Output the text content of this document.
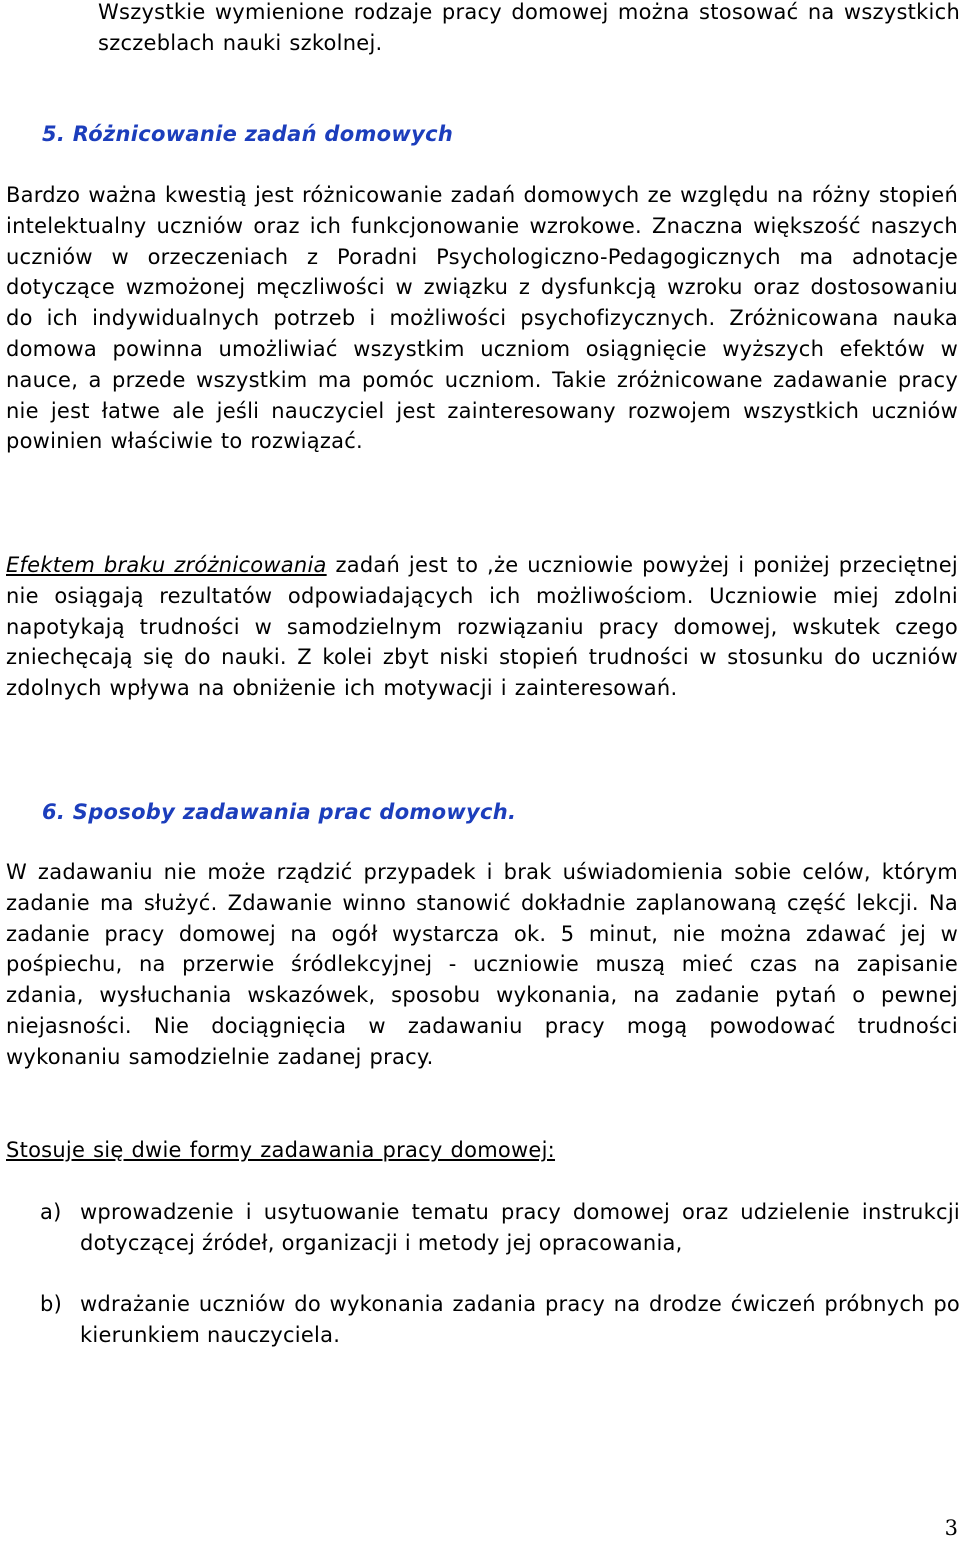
Wszystkie wymienione rodzaje pracy domowej można stosować na wszystkich szczeblach nauki szkolnej.

5. Różnicowanie zadań domowych

Bardzo ważna kwestią jest różnicowanie zadań domowych ze względu na różny stopień intelektualny uczniów oraz ich funkcjonowanie wzrokowe. Znaczna większość naszych uczniów w orzeczeniach z Poradni Psychologiczno-Pedagogicznych ma adnotacje dotyczące wzmożonej męczliwości w związku z dysfunkcją wzroku oraz dostosowaniu do ich indywidualnych potrzeb i możliwości psychofizycznych. Zróżnicowana nauka domowa powinna umożliwiać wszystkim uczniom osiągnięcie wyższych efektów w nauce, a przede wszystkim ma pomóc uczniom. Takie zróżnicowane zadawanie pracy nie jest łatwe ale jeśli nauczyciel jest zainteresowany rozwojem wszystkich uczniów powinien właściwie to rozwiązać.

Efektem braku zróżnicowania zadań jest to ,że uczniowie powyżej i poniżej przeciętnej nie osiągają rezultatów odpowiadających ich możliwościom. Uczniowie miej zdolni napotykają trudności w samodzielnym rozwiązaniu pracy domowej, wskutek czego zniechęcają się do nauki. Z kolei zbyt niski stopień trudności w stosunku do uczniów zdolnych wpływa na obniżenie ich motywacji i zainteresowań.

6. Sposoby zadawania prac domowych.

W zadawaniu nie może rządzić przypadek i brak uświadomienia sobie celów, którym zadanie ma służyć. Zdawanie winno stanowić dokładnie zaplanowaną część lekcji. Na zadanie pracy domowej na ogół wystarcza ok. 5 minut, nie można zdawać jej w pośpiechu, na przerwie śródlekcyjnej - uczniowie muszą mieć czas na zapisanie zdania, wysłuchania wskazówek, sposobu wykonania, na zadanie pytań o pewnej niejasności. Nie dociągnięcia w zadawaniu pracy mogą powodować trudności wykonaniu samodzielnie zadanej pracy.

Stosuje się dwie formy zadawania pracy domowej:

a) wprowadzenie i usytuowanie tematu pracy domowej oraz udzielenie instrukcji dotyczącej źródeł, organizacji i metody jej opracowania,
b) wdrażanie uczniów do wykonania zadania pracy na drodze ćwiczeń próbnych po kierunkiem nauczyciela.
3
